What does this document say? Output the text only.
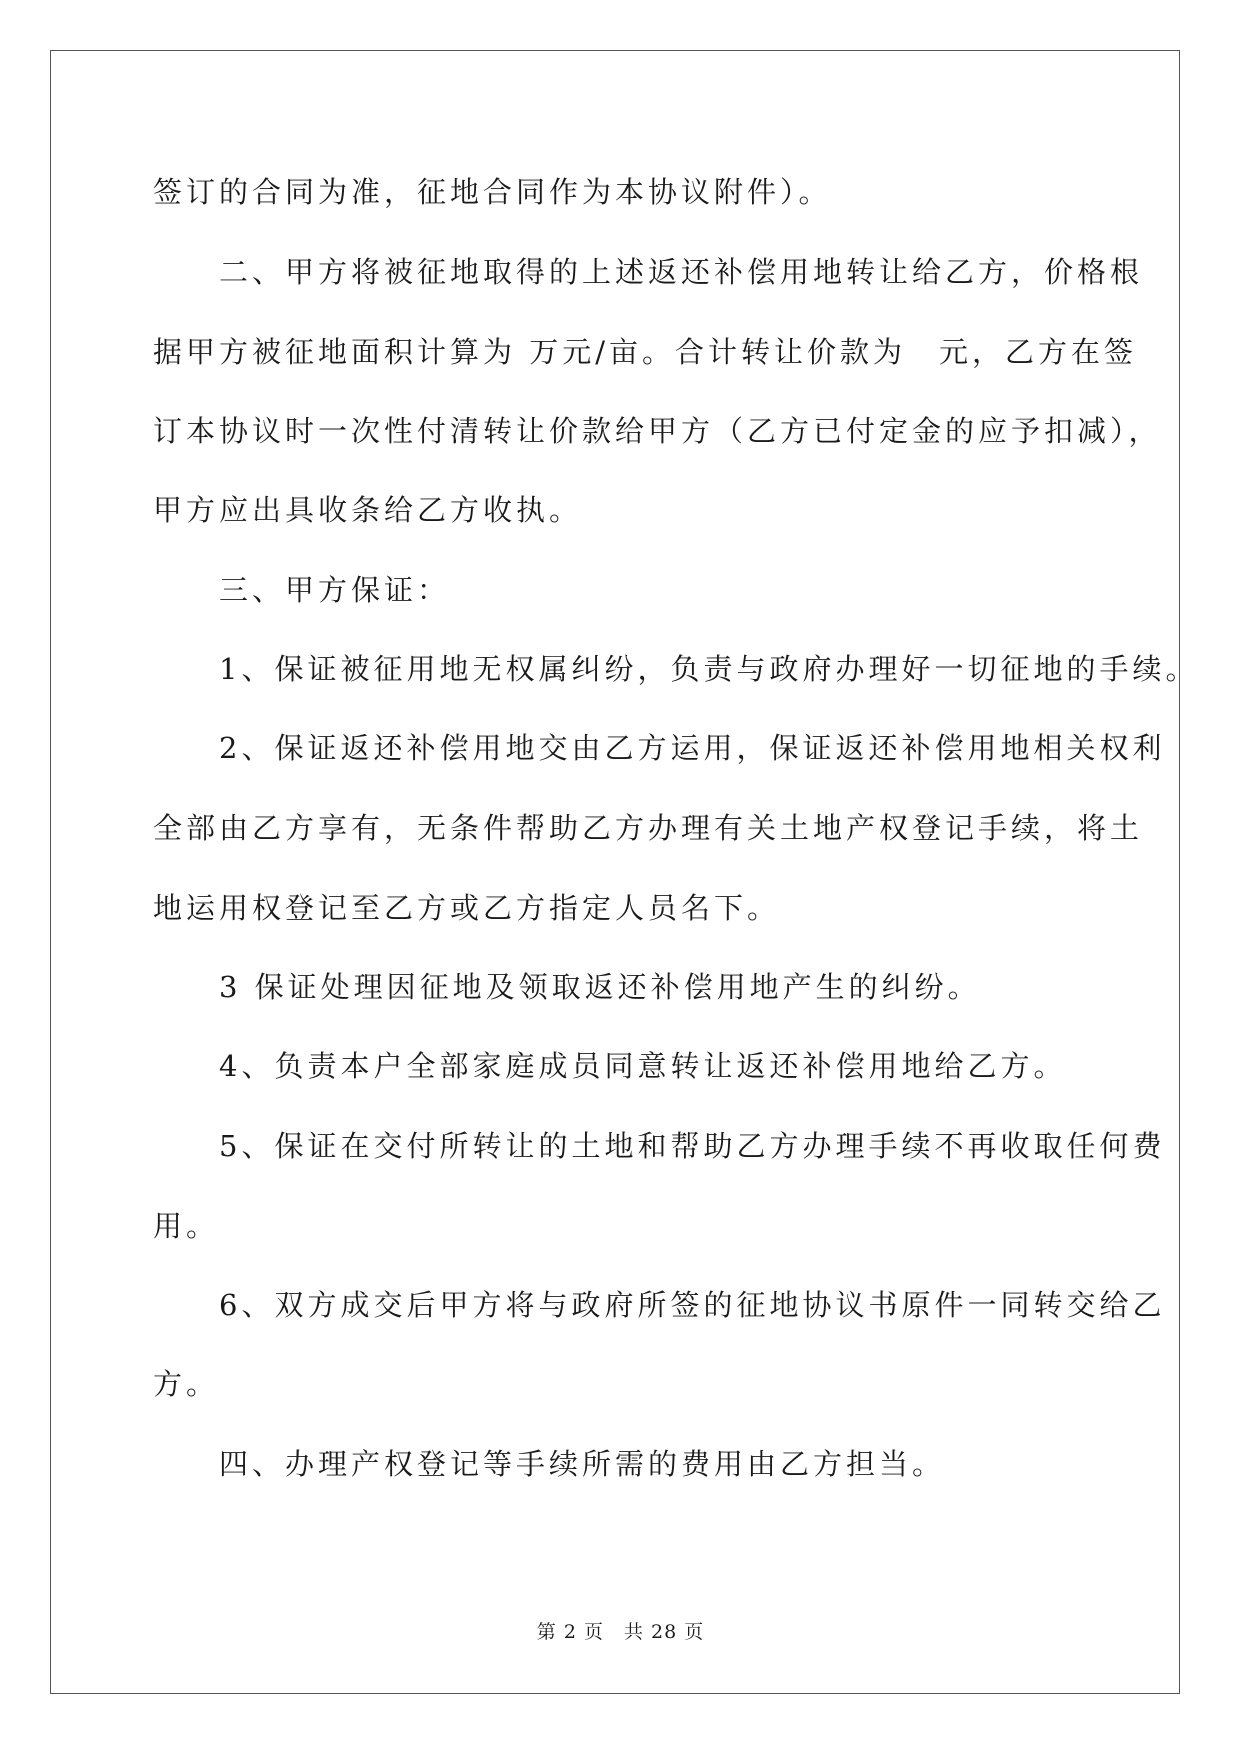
签订的合同为准，征地合同作为本协议附件）。
　　二、甲方将被征地取得的上述返还补偿用地转让给乙方，价格根
据甲方被征地面积计算为 万元/亩。合计转让价款为　元，乙方在签
订本协议时一次性付清转让价款给甲方（乙方已付定金的应予扣减），
甲方应出具收条给乙方收执。
　　三、甲方保证：
　　1、保证被征用地无权属纠纷，负责与政府办理好一切征地的手续。
　　2、保证返还补偿用地交由乙方运用，保证返还补偿用地相关权利
全部由乙方享有，无条件帮助乙方办理有关土地产权登记手续，将土
地运用权登记至乙方或乙方指定人员名下。
　　3 保证处理因征地及领取返还补偿用地产生的纠纷。
　　4、负责本户全部家庭成员同意转让返还补偿用地给乙方。
　　5、保证在交付所转让的土地和帮助乙方办理手续不再收取任何费
用。
　　6、双方成交后甲方将与政府所签的征地协议书原件一同转交给乙
方。
　　四、办理产权登记等手续所需的费用由乙方担当。
第 2 页　共 28 页
